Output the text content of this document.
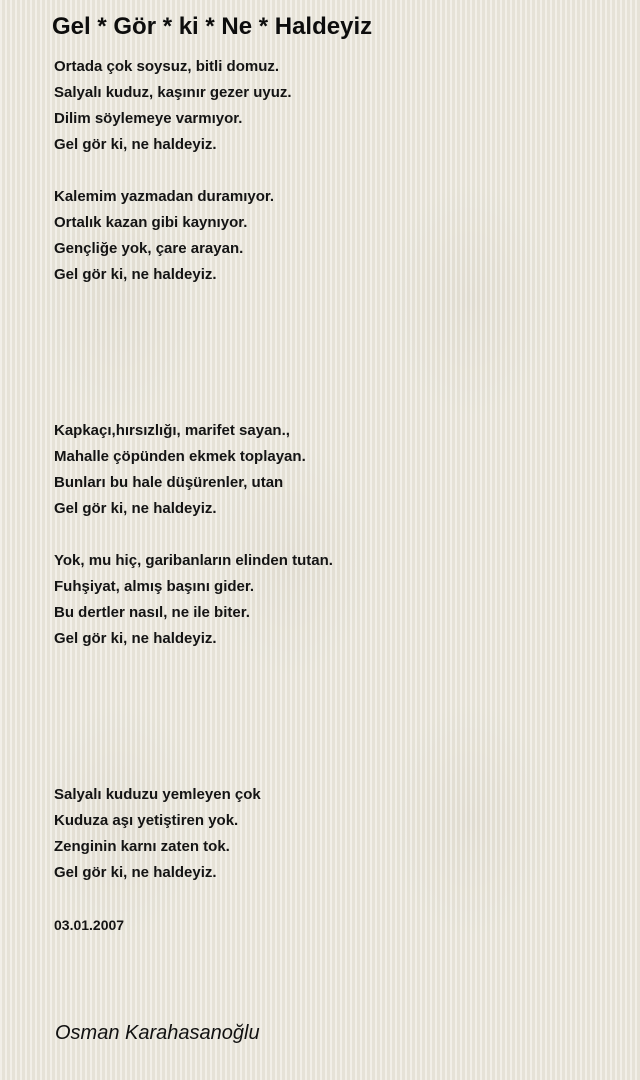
Gel * Gör * ki * Ne * Haldeyiz
Ortada çok soysuz, bitli domuz.
Salyalı kuduz, kaşınır gezer uyuz.
Dilim söylemeye varmıyor.
Gel gör ki, ne haldeyiz.
Kalemim yazmadan duramıyor.
Ortalık kazan gibi kaynıyor.
Gençliğe yok, çare arayan.
Gel gör ki, ne haldeyiz.
Kapkaçı,hırsızlığı, marifet sayan.,
Mahalle çöpünden ekmek toplayan.
Bunları bu hale düşürenler, utan
Gel gör ki, ne haldeyiz.
Yok, mu hiç, garibanların elinden tutan.
Fuhşiyat, almış başını gider.
Bu dertler nasıl, ne ile biter.
Gel gör ki, ne haldeyiz.
Salyalı kuduzu yemleyen çok
Kuduza aşı yetiştiren yok.
Zenginin karnı zaten tok.
Gel gör ki, ne haldeyiz.
03.01.2007
Osman Karahasanoğlu
